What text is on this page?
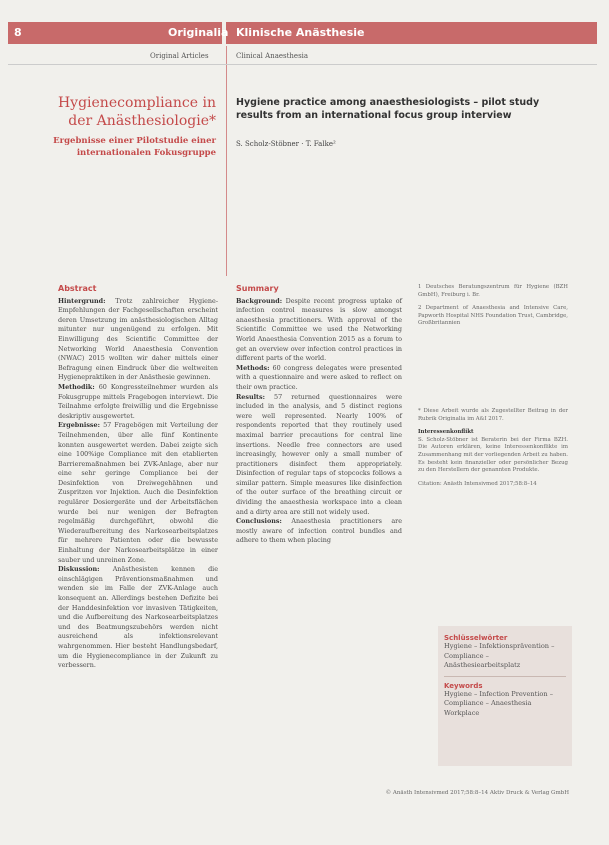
8	Originalia Klinische Anästhesie
Original Articles	Clinical Anaesthesia
Hygienecompliance in der Anästhesiologie*
Ergebnisse einer Pilotstudie einer internationalen Fokusgruppe
Hygiene practice among anaesthesiologists – pilot study results from an international focus group interview
S. Scholz-Stöbner · T. Falke²
Abstract

Hintergrund: Trotz zahlreicher Hygiene-Empfehlungen der Fachgesellschaften erscheint deren Umsetzung im anästhesiologischen Alltag mitunter nur ungenügend zu erfolgen. Mit Einwilligung des Scientific Committee der Networking World Anaesthesia Convention (NWAC) 2015 wollten wir daher mittels einer Befragung einen Eindruck über die weltweiten Hygienepraktiken in der Anästhesie gewinnen.

Methodik: 60 Kongressteilnehmer wurden als Fokusgruppe mittels Fragebogen interviewt. Die Teilnahme erfolgte freiwillig und die Ergebnisse deskriptiv ausgewertet.

Ergebnisse: 57 Fragebögen mit Verteilung der Teilnehmenden, über alle fünf Kontinente konnten ausgewertet werden. Dabei zeigte sich eine 100%ige Compliance mit den etablierten Barrieremaßnahmen bei ZVK-Anlage, aber nur eine sehr geringe Compliance bei der Desinfektion von Dreiwegehähnen und Zuspritzen vor Injektion. Auch die Desinfektion regulärer Dosiergeräte und der Arbeitsflächen wurde bei nur wenigen der Befragten regelmäßig durchgeführt, obwohl die Wiederaufbereitung des Narkosearbeitsplatzes für mehrere Patienten oder die bewusste Einhaltung der Narkosearbeitsplätze in einer sauber und unreinen Zone.

Diskussion: Anästhesisten kennen die einschlägigen Präventionsmaßnahmen und wenden sie im Falle der ZVK-Anlage auch konsequent an. Allerdings bestehen Defizite bei der Handdesinfektion vor invasiven Tätigkeiten, und die Aufbereitung des Narkosearbeitsplatzes und des Beatmungszubehörs werden nicht ausreichend als infektionsrelevant wahrgenommen. Hier besteht Handlungsbedarf, um die Hygienecompliance in der Zukunft zu verbessern.

Summary

Background: Despite recent progress uptake of infection control measures is slow amongst anaesthesia practitioners. With approval of the Scientific Committee we used the Networking World Anaesthesia Convention 2015 as a forum to get an overview over infection control practices in different parts of the world.

Methods: 60 congress delegates were presented with a questionnaire and were asked to reflect on their own practice.

Results: 57 returned questionnaires were included in the analysis, and 5 distinct regions were well represented. Nearly 100% of respondents reported that they routinely used maximal barrier precautions for central line insertions. Needle free connectors are used increasingly, however only a small number of practitioners disinfect them appropriately. Disinfection of regular taps of stopcocks follows a similar pattern. Simple measures like disinfection of the outer surface of the breathing circuit or dividing the anaesthesia workspace into a clean and a dirty area are still not widely used.

Conclusions: Anaesthesia practitioners are mostly aware of infection control bundles and adhere to them when placing

1 Deutsches Beratungszentrum für Hygiene (BZH GmbH), Freiburg i. Br.
2 Department of Anaesthesia and Intensive Care, Papworth Hospital NHS Foundation Trust, Cambridge, Großbritannien
* Diese Arbeit wurde als Zugestellter Beitrag in der Rubrik Originalia im A&I 2017.
Interessenkonflikt
S. Scholz-Stöbner ist Beraterin bei der Firma BZH. Die Autoren erklären, keine Interessenkonflikte im Zusammenhang mit der vorliegenden Arbeit zu haben. Es besteht kein finanzieller oder persönlicher Bezug zu den Herstellern der genannten Produkte.
Citation: Anästh Intensivmed 2017;58:8–14
Schlüsselwörter
Hygiene – Infektionsprävention – Compliance – Anästhesiearbeitsplatz
Keywords
Hygiene – Infection Prevention – Compliance – Anaesthesia Workplace
© Anästh Intensivmed 2017;58:8–14 Aktiv Druck & Verlag GmbH
